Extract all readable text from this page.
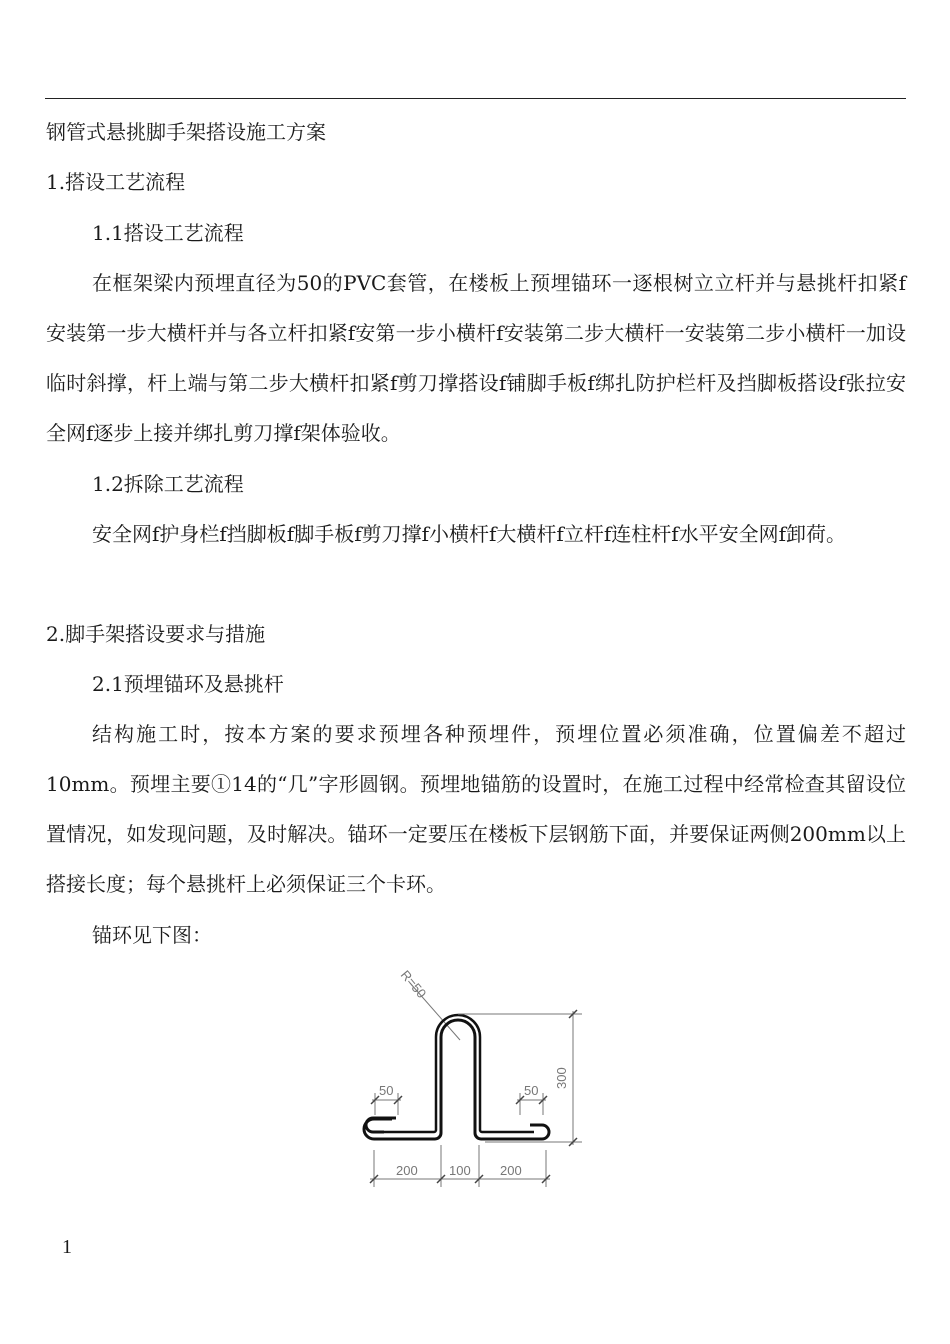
钢管式悬挑脚手架搭设施工方案

1.搭设工艺流程

1.1搭设工艺流程

在框架梁内预埋直径为50的PVC套管，在楼板上预埋锚环一逐根树立立杆并与悬挑杆扣紧f安装第一步大横杆并与各立杆扣紧f安第一步小横杆f安装第二步大横杆一安装第二步小横杆一加设临时斜撑，杆上端与第二步大横杆扣紧f剪刀撑搭设f铺脚手板f绑扎防护栏杆及挡脚板搭设f张拉安全网f逐步上接并绑扎剪刀撑f架体验收。

1.2拆除工艺流程

安全网f护身栏f挡脚板f脚手板f剪刀撑f小横杆f大横杆f立杆f连柱杆f水平安全网f卸荷。

2.脚手架搭设要求与措施

2.1预埋锚环及悬挑杆

结构施工时，按本方案的要求预埋各种预埋件，预埋位置必须准确，位置偏差不超过10mm。预埋主要①14的“几”字形圆钢。预埋地锚筋的设置时，在施工过程中经常检查其留设位置情况，如发现问题，及时解决。锚环一定要压在楼板下层钢筋下面，并要保证两侧200mm以上搭接长度；每个悬挑杆上必须保证三个卡环。

锚环见下图：

R=50
300
50	50
200 100 200
1
